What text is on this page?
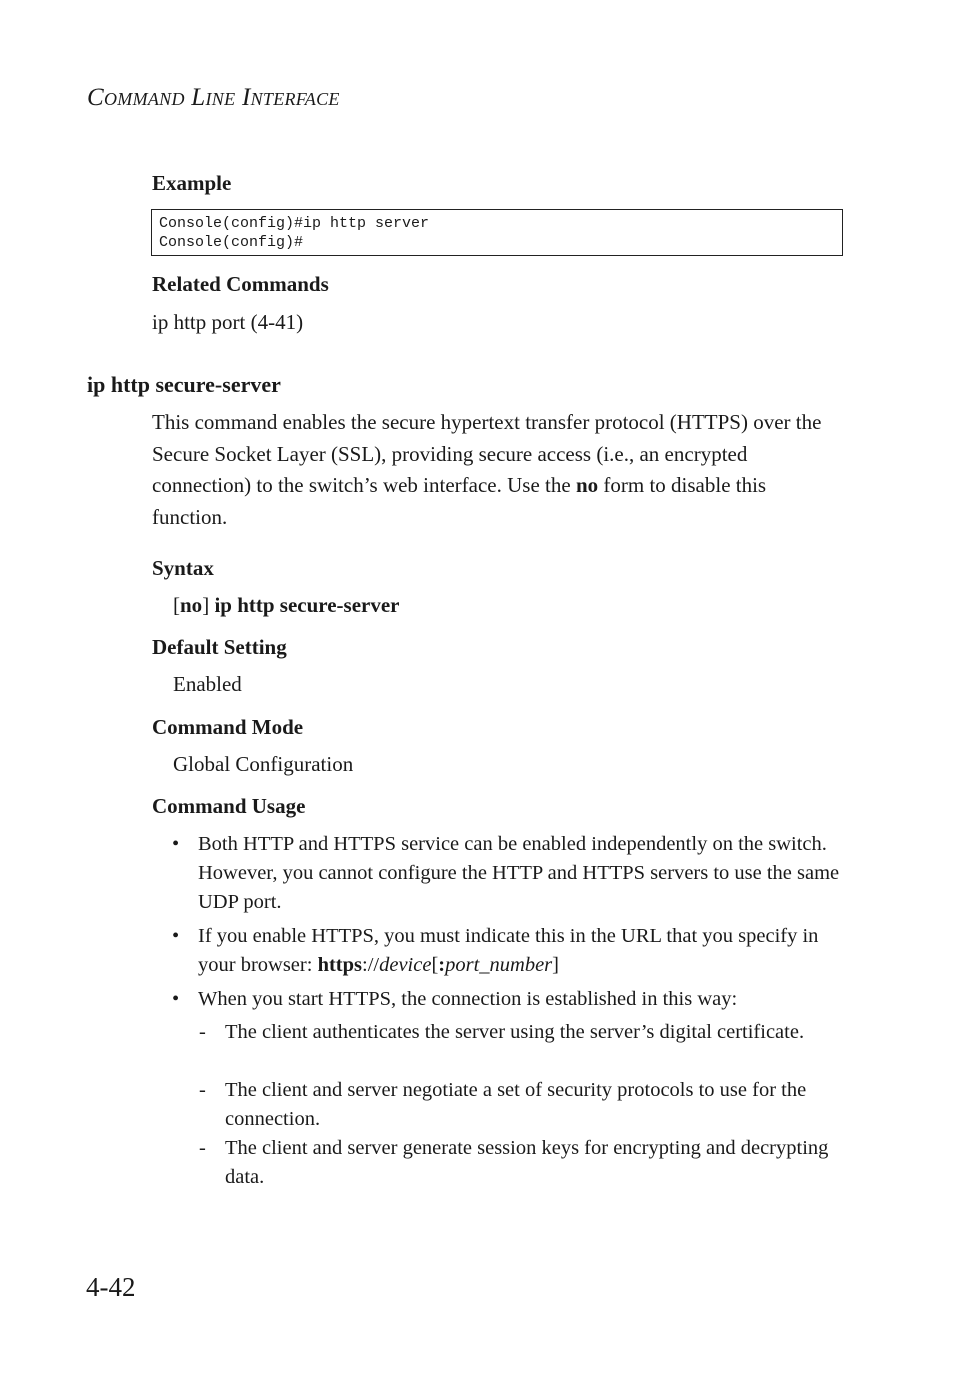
Command Line Interface
Example
Console(config)#ip http server
Console(config)#
Related Commands
ip http port (4-41)
ip http secure-server
This command enables the secure hypertext transfer protocol (HTTPS) over the Secure Socket Layer (SSL), providing secure access (i.e., an encrypted connection) to the switch’s web interface. Use the no form to disable this function.
Syntax
[no] ip http secure-server
Default Setting
Enabled
Command Mode
Global Configuration
Command Usage
• Both HTTP and HTTPS service can be enabled independently on the switch. However, you cannot configure the HTTP and HTTPS servers to use the same UDP port.
• If you enable HTTPS, you must indicate this in the URL that you specify in your browser: https://device[:port_number]
• When you start HTTPS, the connection is established in this way:
- The client authenticates the server using the server’s digital certificate.
- The client and server negotiate a set of security protocols to use for the connection.
- The client and server generate session keys for encrypting and decrypting data.
4-42
